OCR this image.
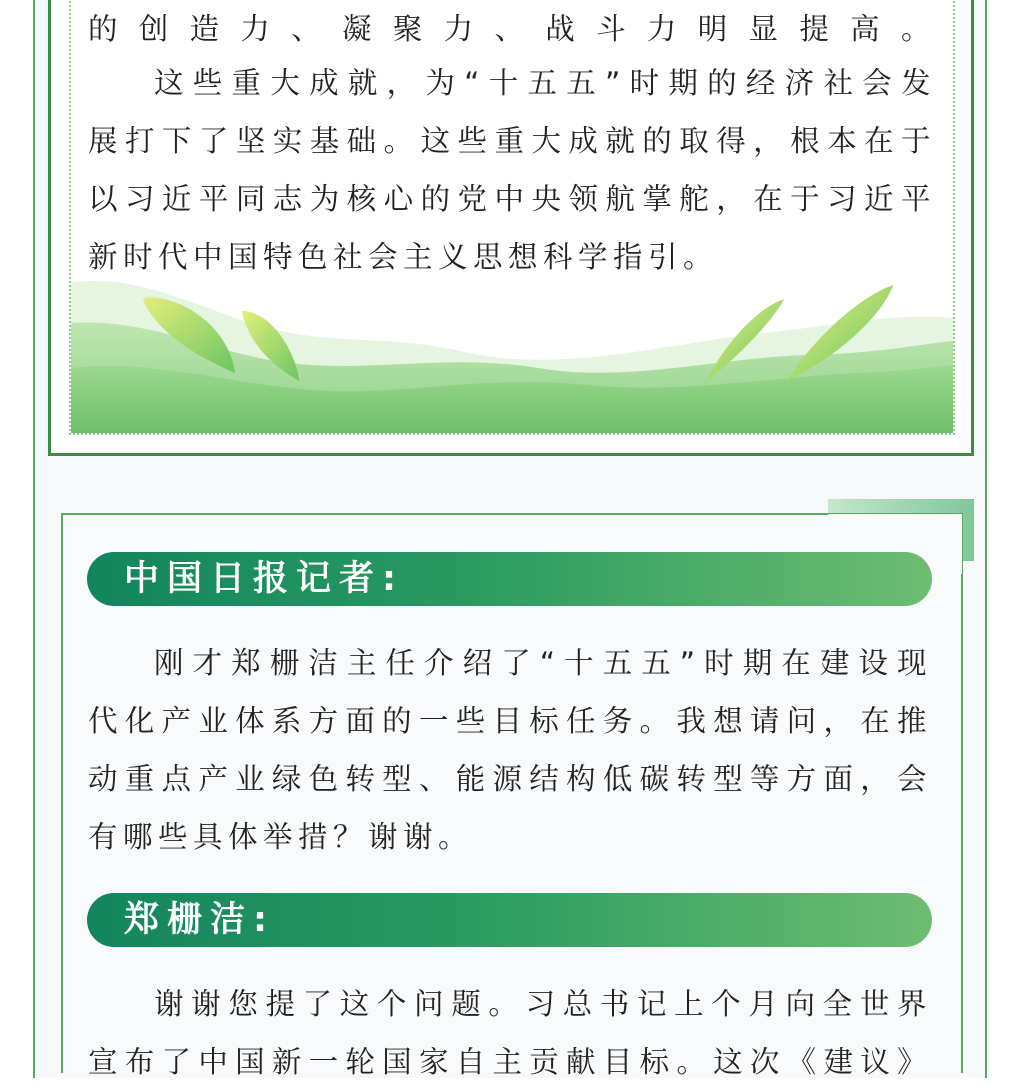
的创造力、凝聚力、战斗力明显提高。

这些重大成就，为“十五五”时期的经济社会发

展打下了坚实基础。这些重大成就的取得，根本在于

以习近平同志为核心的党中央领航掌舵，在于习近平

新时代中国特色社会主义思想科学指引。

中国日报记者:

刚才郑栅洁主任介绍了“十五五”时期在建设现

代化产业体系方面的一些目标任务。我想请问，在推

动重点产业绿色转型、能源结构低碳转型等方面，会

有哪些具体举措？谢谢。

郑栅洁:

谢谢您提了这个问题。习总书记上个月向全世界

宣布了中国新一轮国家自主贡献目标。这次《建议》
